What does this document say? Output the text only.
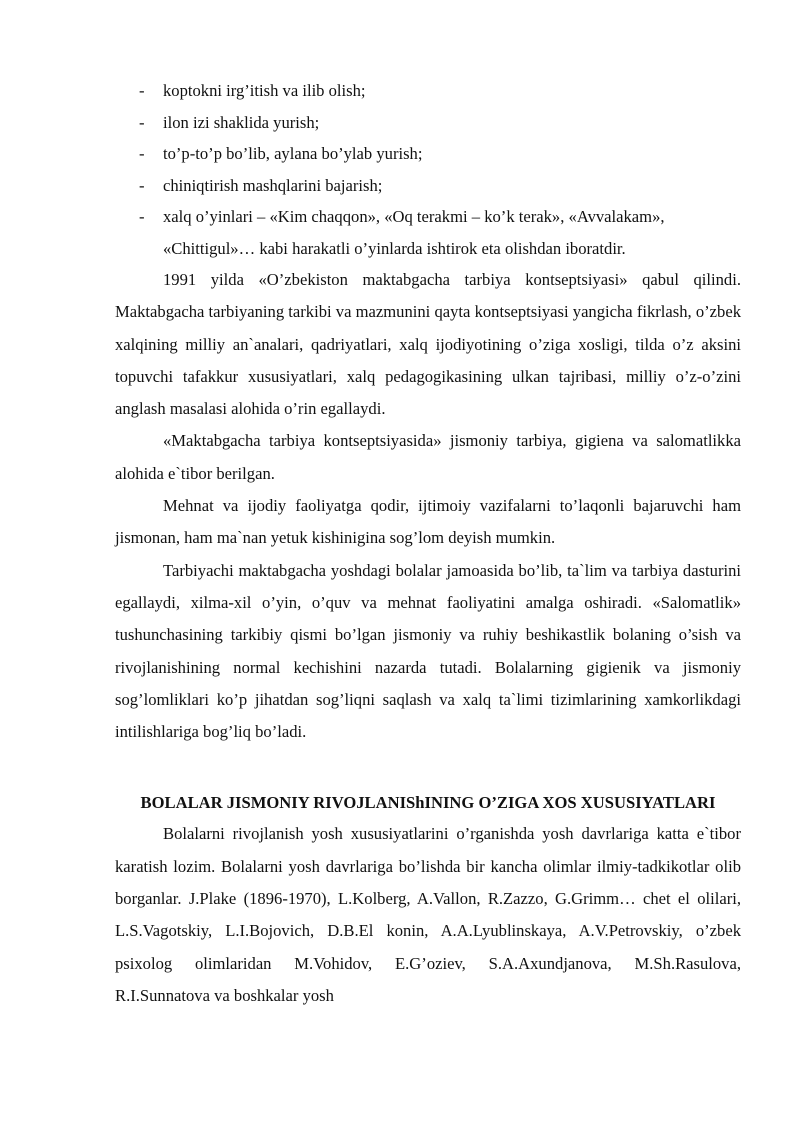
- koptokni irg’itish va ilib olish;
- ilon izi shaklida yurish;
- to’p-to’p bo’lib, aylana bo’ylab yurish;
- chiniqtirish mashqlarini bajarish;
- xalq o’yinlari – «Kim chaqqon», «Oq terakmi – ko’k terak», «Avvalakam», «Chittigul»… kabi harakatli o’yinlarda ishtirok eta olishdan iboratdir.

1991 yilda «O’zbekiston maktabgacha tarbiya kontseptsiyasi» qabul qilindi. Maktabgacha tarbiyaning tarkibi va mazmunini qayta kontseptsiyasi yangicha fikrlash, o’zbek xalqining milliy an`analari, qadriyatlari, xalq ijodiyotining o’ziga xosligi, tilda o’z aksini topuvchi tafakkur xususiyatlari, xalq pedagogikasining ulkan tajribasi, milliy o’z-o’zini anglash masalasi alohida o’rin egallaydi.

«Maktabgacha tarbiya kontseptsiyasida» jismoniy tarbiya, gigiena va salomatlikka alohida e`tibor berilgan.

Mehnat va ijodiy faoliyatga qodir, ijtimoiy vazifalarni to’laqonli bajaruvchi ham jismonan, ham ma`nan yetuk kishinigina sog’lom deyish mumkin.

Tarbiyachi maktabgacha yoshdagi bolalar jamoasida bo’lib, ta`lim va tarbiya dasturini egallaydi, xilma-xil o’yin, o’quv va mehnat faoliyatini amalga oshiradi. «Salomatlik» tushunchasining tarkibiy qismi bo’lgan jismoniy va ruhiy beshikastlik bolaning o’sish va rivojlanishining normal kechishini nazarda tutadi. Bolalarning gigienik va jismoniy sog’lomliklari ko’p jihatdan sog’liqni saqlash va xalq ta`limi tizimlarining xamkorlikdagi intilishlariga bog’liq bo’ladi.

BOLALAR JISMONIY RIVOJLANIShINING O’ZIGA XOS XUSUSIYATLARI

Bolalarni rivojlanish yosh xususiyatlarini o’rganishda yosh davrlariga katta e`tibor karatish lozim. Bolalarni yosh davrlariga bo’lishda bir kancha olimlar ilmiy-tadkikotlar olib borganlar. J.Plake (1896-1970), L.Kolberg, A.Vallon, R.Zazzo, G.Grimm… chet el olilari, L.S.Vagotskiy, L.I.Bojovich, D.B.El konin, A.A.Lyublinskaya, A.V.Petrovskiy, o’zbek psixolog olimlaridan M.Vohidov, E.G’oziev, S.A.Axundjanova, M.Sh.Rasulova, R.I.Sunnatova va boshkalar yosh
